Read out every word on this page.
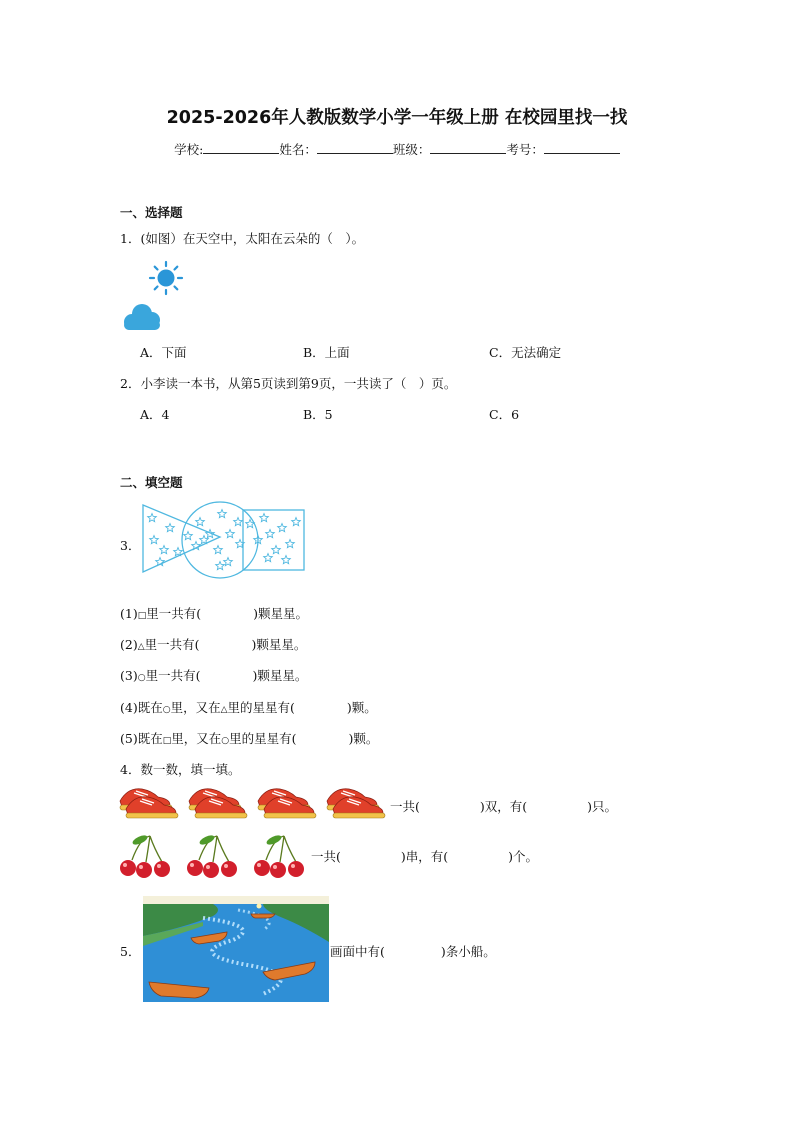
2025-2026年人教版数学小学一年级上册 在校园里找一找
学校:	姓名：	班级：	考号：
一、选择题
1．(如图）在天空中，太阳在云朵的（　）。
A．下面	B．上面	C．无法确定
2．小李读一本书，从第5页读到第9页，一共读了（　）页。
A．4	B．5	C．6
二、填空题
3．
(1)□里一共有(	)颗星星。
(2)△里一共有(	)颗星星。
(3)○里一共有(	)颗星星。
(4)既在○里，又在△里的星星有(	)颗。
(5)既在□里，又在○里的星星有(	)颗。
4．数一数，填一填。
一共(	)双，有(	)只。
一共(	)串，有(	)个。
5．	画面中有(	)条小船。
